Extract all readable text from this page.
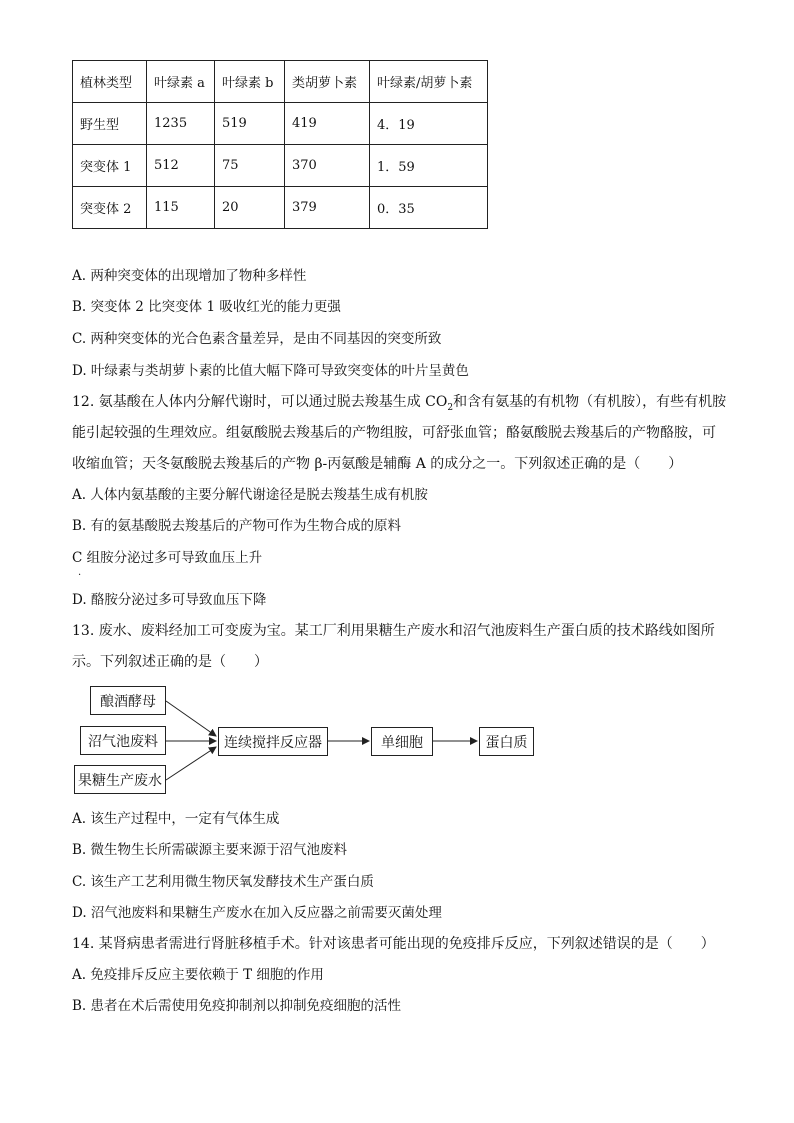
植林类型	叶绿素 a	叶绿素 b	类胡萝卜素	叶绿素/胡萝卜素
野生型	1235	519	419	4．19
突变体 1	512	75	370	1．59
突变体 2	115	20	379	0．35
A. 两种突变体的出现增加了物种多样性
B. 突变体 2 比突变体 1 吸收红光的能力更强
C. 两种突变体的光合色素含量差异，是由不同基因的突变所致
D. 叶绿素与类胡萝卜素的比值大幅下降可导致突变体的叶片呈黄色
12. 氨基酸在人体内分解代谢时，可以通过脱去羧基生成 $CO_2$和含有氨基的有机物（有机胺），有些有机胺
能引起较强的生理效应。组氨酸脱去羧基后的产物组胺，可舒张血管；酪氨酸脱去羧基后的产物酪胺，可
收缩血管；天冬氨酸脱去羧基后的产物 β-丙氨酸是辅酶 A 的成分之一。下列叙述正确的是（　　）
A. 人体内氨基酸的主要分解代谢途径是脱去羧基生成有机胺
B. 有的氨基酸脱去羧基后的产物可作为生物合成的原料
C 组胺分泌过多可导致血压上升
.
D. 酪胺分泌过多可导致血压下降
13. 废水、废料经加工可变废为宝。某工厂利用果糖生产废水和沼气池废料生产蛋白质的技术路线如图所
示。下列叙述正确的是（　　）
酿酒酵母
沼气池废料
果糖生产废水
连续搅拌反应器	单细胞	蛋白质
A. 该生产过程中，一定有气体生成
B. 微生物生长所需碳源主要来源于沼气池废料
C. 该生产工艺利用微生物厌氧发酵技术生产蛋白质
D. 沼气池废料和果糖生产废水在加入反应器之前需要灭菌处理
14. 某肾病患者需进行肾脏移植手术。针对该患者可能出现的免疫排斥反应，下列叙述错误的是（　　）
A. 免疫排斥反应主要依赖于 T 细胞的作用
B. 患者在术后需使用免疫抑制剂以抑制免疫细胞的活性
